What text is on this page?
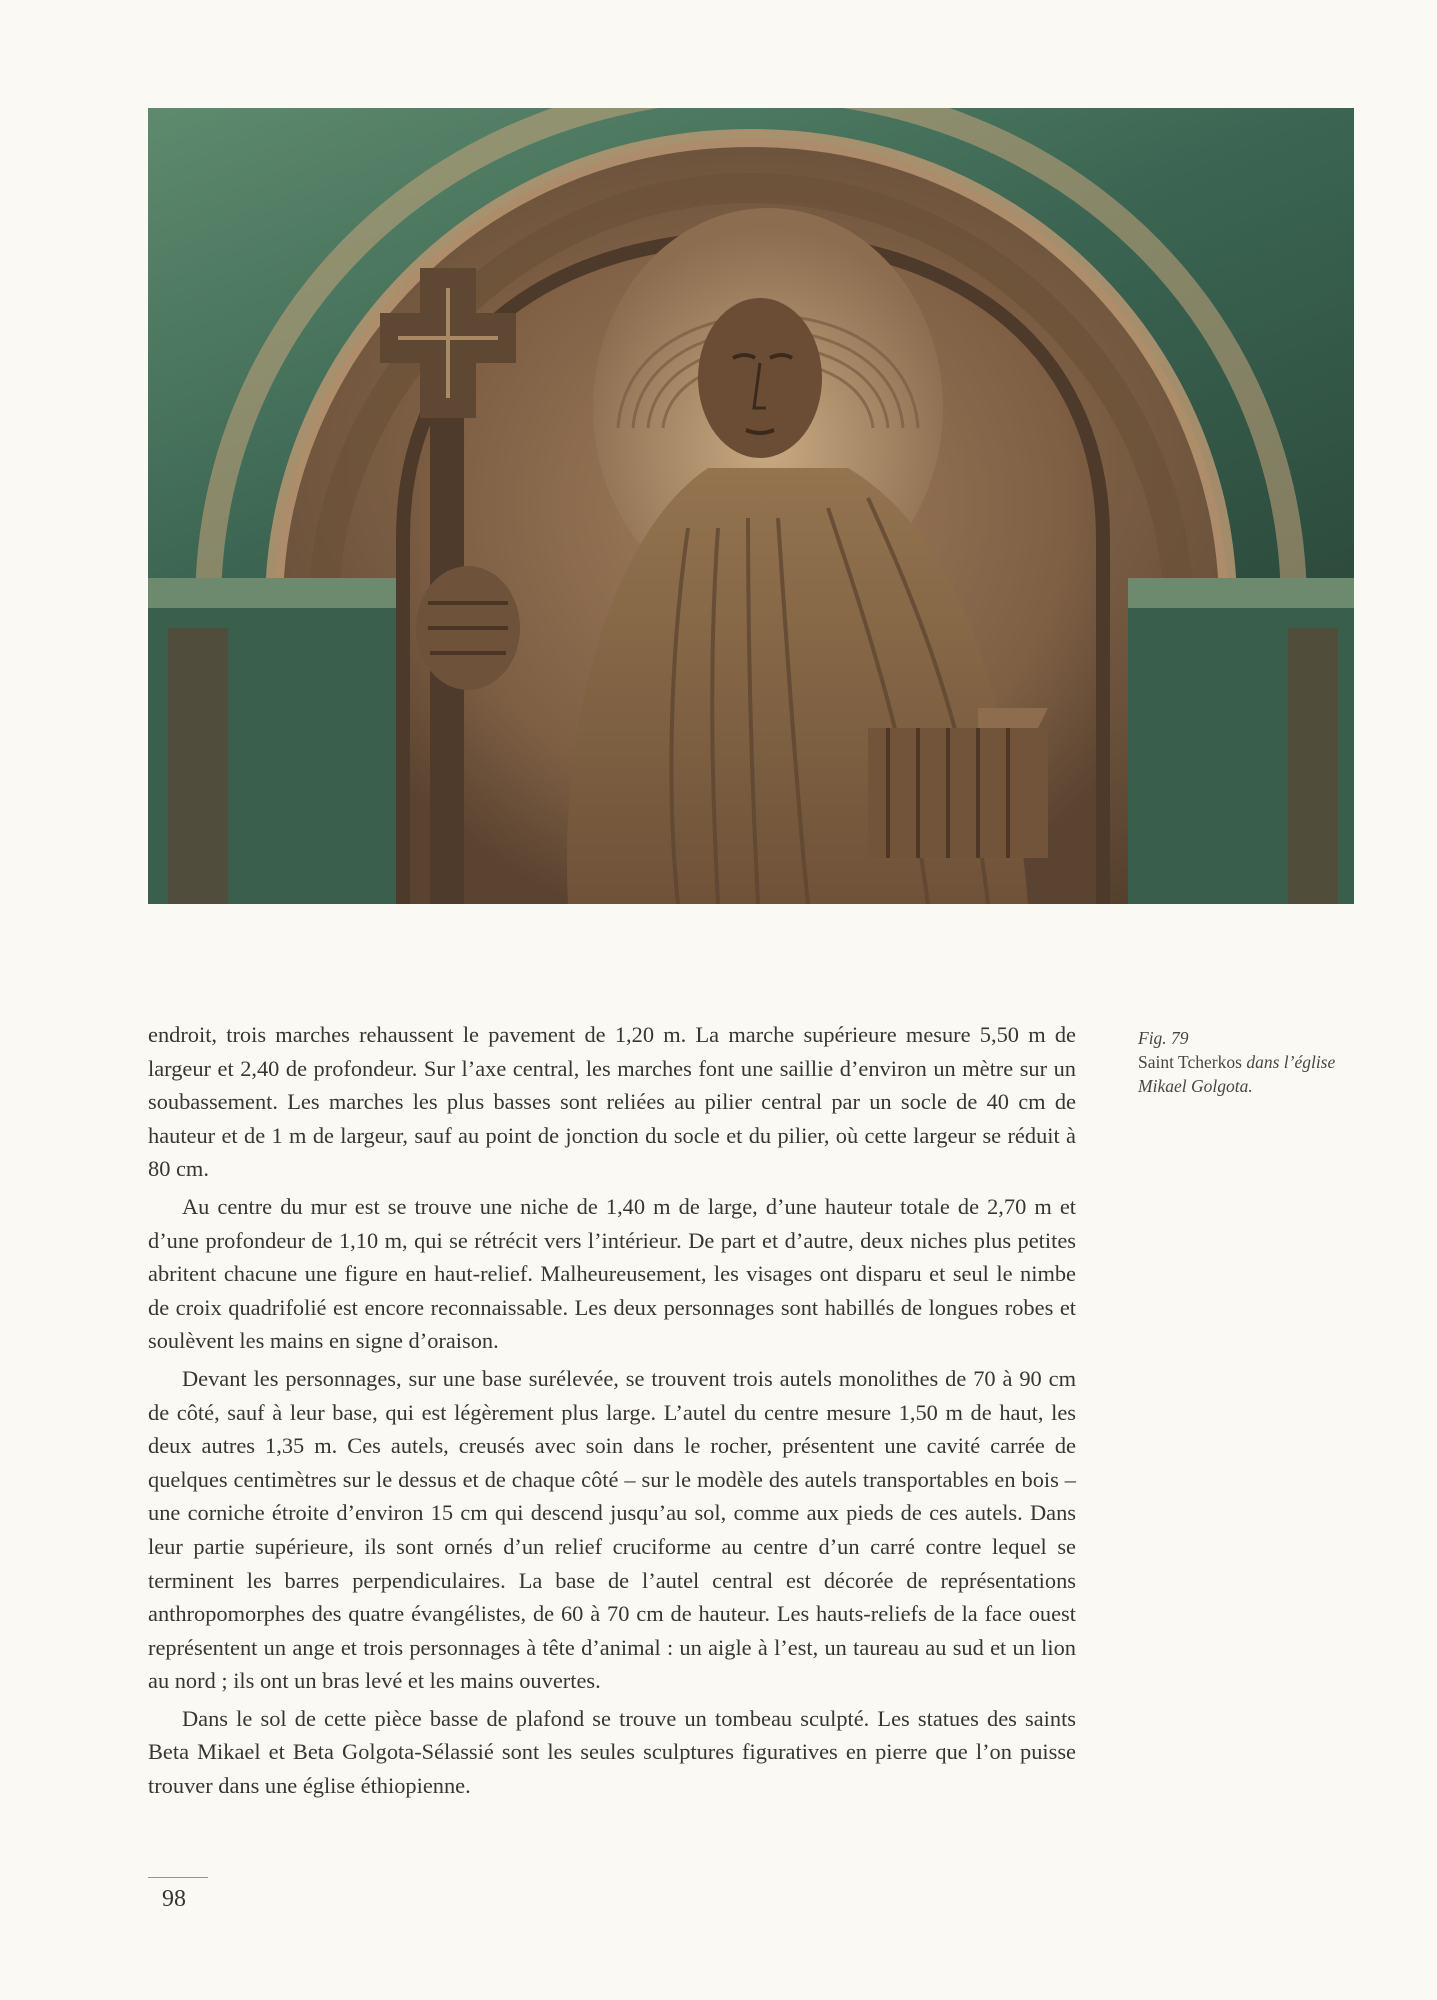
endroit, trois marches rehaussent le pavement de 1,20 m. La marche supérieure mesure 5,50 m de largeur et 2,40 de profondeur. Sur l’axe central, les marches font une saillie d’environ un mètre sur un soubassement. Les marches les plus basses sont reliées au pilier central par un socle de 40 cm de hauteur et de 1 m de largeur, sauf au point de jonction du socle et du pilier, où cette largeur se réduit à 80 cm.

Au centre du mur est se trouve une niche de 1,40 m de large, d’une hauteur totale de 2,70 m et d’une profondeur de 1,10 m, qui se rétrécit vers l’intérieur. De part et d’autre, deux niches plus petites abritent chacune une figure en haut-relief. Malheureusement, les visages ont disparu et seul le nimbe de croix quadrifolié est encore reconnaissable. Les deux personnages sont habillés de longues robes et soulèvent les mains en signe d’oraison.

Devant les personnages, sur une base surélevée, se trouvent trois autels monolithes de 70 à 90 cm de côté, sauf à leur base, qui est légèrement plus large. L’autel du centre mesure 1,50 m de haut, les deux autres 1,35 m. Ces autels, creusés avec soin dans le rocher, présentent une cavité carrée de quelques centimètres sur le dessus et de chaque côté – sur le modèle des autels transportables en bois – une corniche étroite d’environ 15 cm qui descend jusqu’au sol, comme aux pieds de ces autels. Dans leur partie supérieure, ils sont ornés d’un relief cruciforme au centre d’un carré contre lequel se terminent les barres perpendiculaires. La base de l’autel central est décorée de représentations anthropomorphes des quatre évangélistes, de 60 à 70 cm de hauteur. Les hauts-reliefs de la face ouest représentent un ange et trois personnages à tête d’animal : un aigle à l’est, un taureau au sud et un lion au nord ; ils ont un bras levé et les mains ouvertes.

Dans le sol de cette pièce basse de plafond se trouve un tombeau sculpté. Les statues des saints Beta Mikael et Beta Golgota-Sélassié sont les seules sculptures figuratives en pierre que l’on puisse trouver dans une église éthiopienne.

Fig. 79
Saint Tcherkos dans l’église Mikael Golgota.
98
